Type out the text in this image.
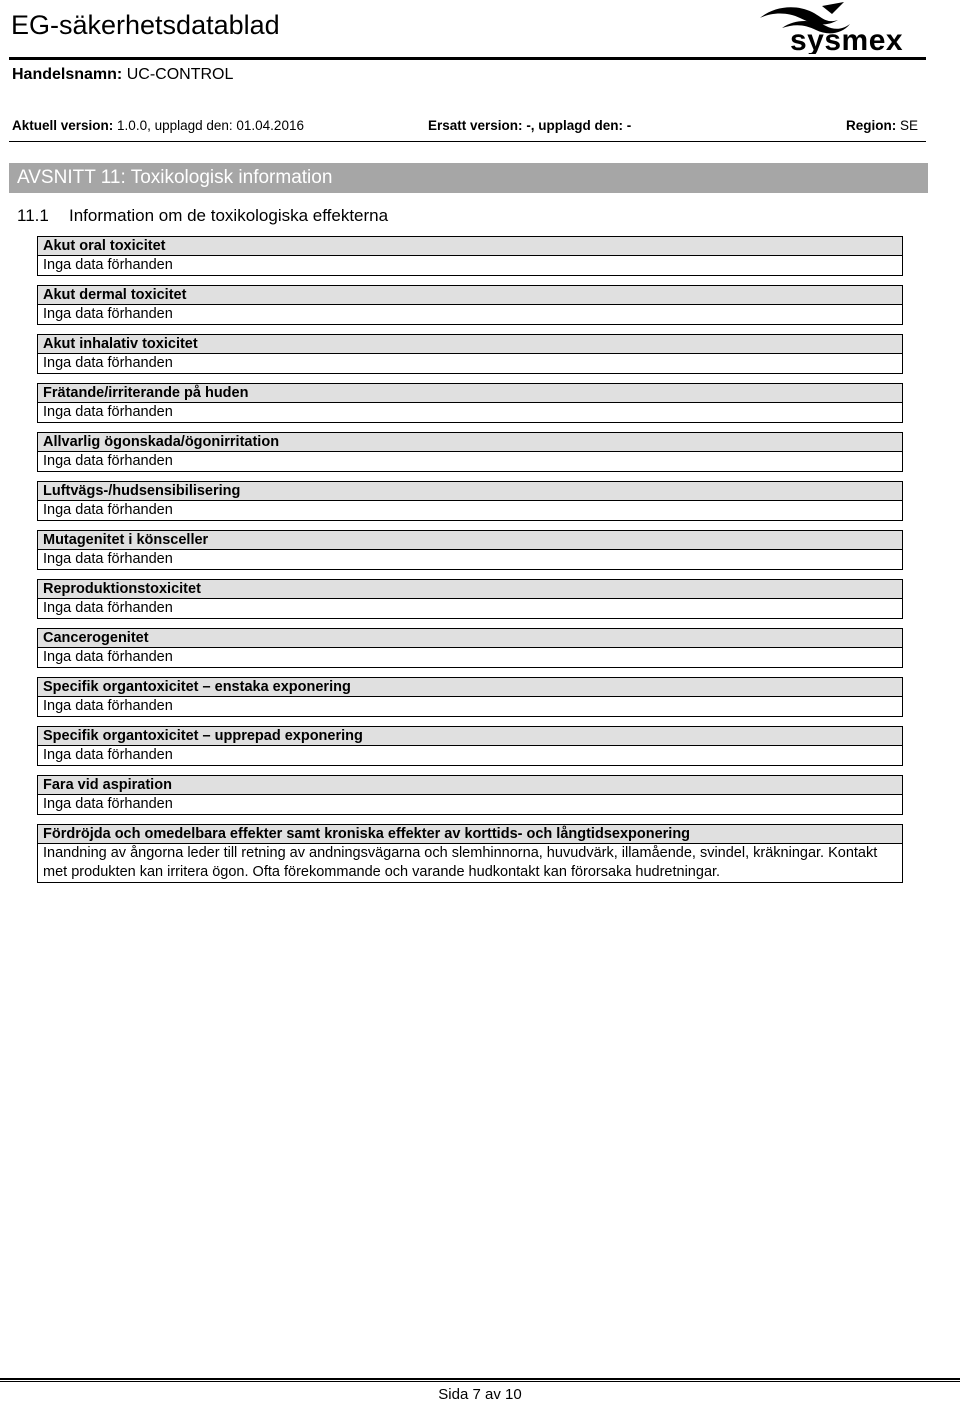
EG-säkerhetsdatablad	sysmex
Handelsnamn: UC-CONTROL
Aktuell version: 1.0.0, upplagd den: 01.04.2016	Ersatt version: -, upplagd den: -	Region: SE
AVSNITT 11: Toxikologisk information
11.1 Information om de toxikologiska effekterna
Akut oral toxicitet
Inga data förhanden
Akut dermal toxicitet
Inga data förhanden
Akut inhalativ toxicitet
Inga data förhanden
Frätande/irriterande på huden
Inga data förhanden
Allvarlig ögonskada/ögonirritation
Inga data förhanden
Luftvägs-/hudsensibilisering
Inga data förhanden
Mutagenitet i könsceller
Inga data förhanden
Reproduktionstoxicitet
Inga data förhanden
Cancerogenitet
Inga data förhanden
Specifik organtoxicitet – enstaka exponering
Inga data förhanden
Specifik organtoxicitet – upprepad exponering
Inga data förhanden
Fara vid aspiration
Inga data förhanden
Fördröjda och omedelbara effekter samt kroniska effekter av korttids- och långtidsexponering
Inandning av ångorna leder till retning av andningsvägarna och slemhinnorna, huvudvärk, illamående, svindel, kräkningar. Kontakt met produkten kan irritera ögon. Ofta förekommande och varande hudkontakt kan förorsaka hudretningar.
Sida 7 av 10
